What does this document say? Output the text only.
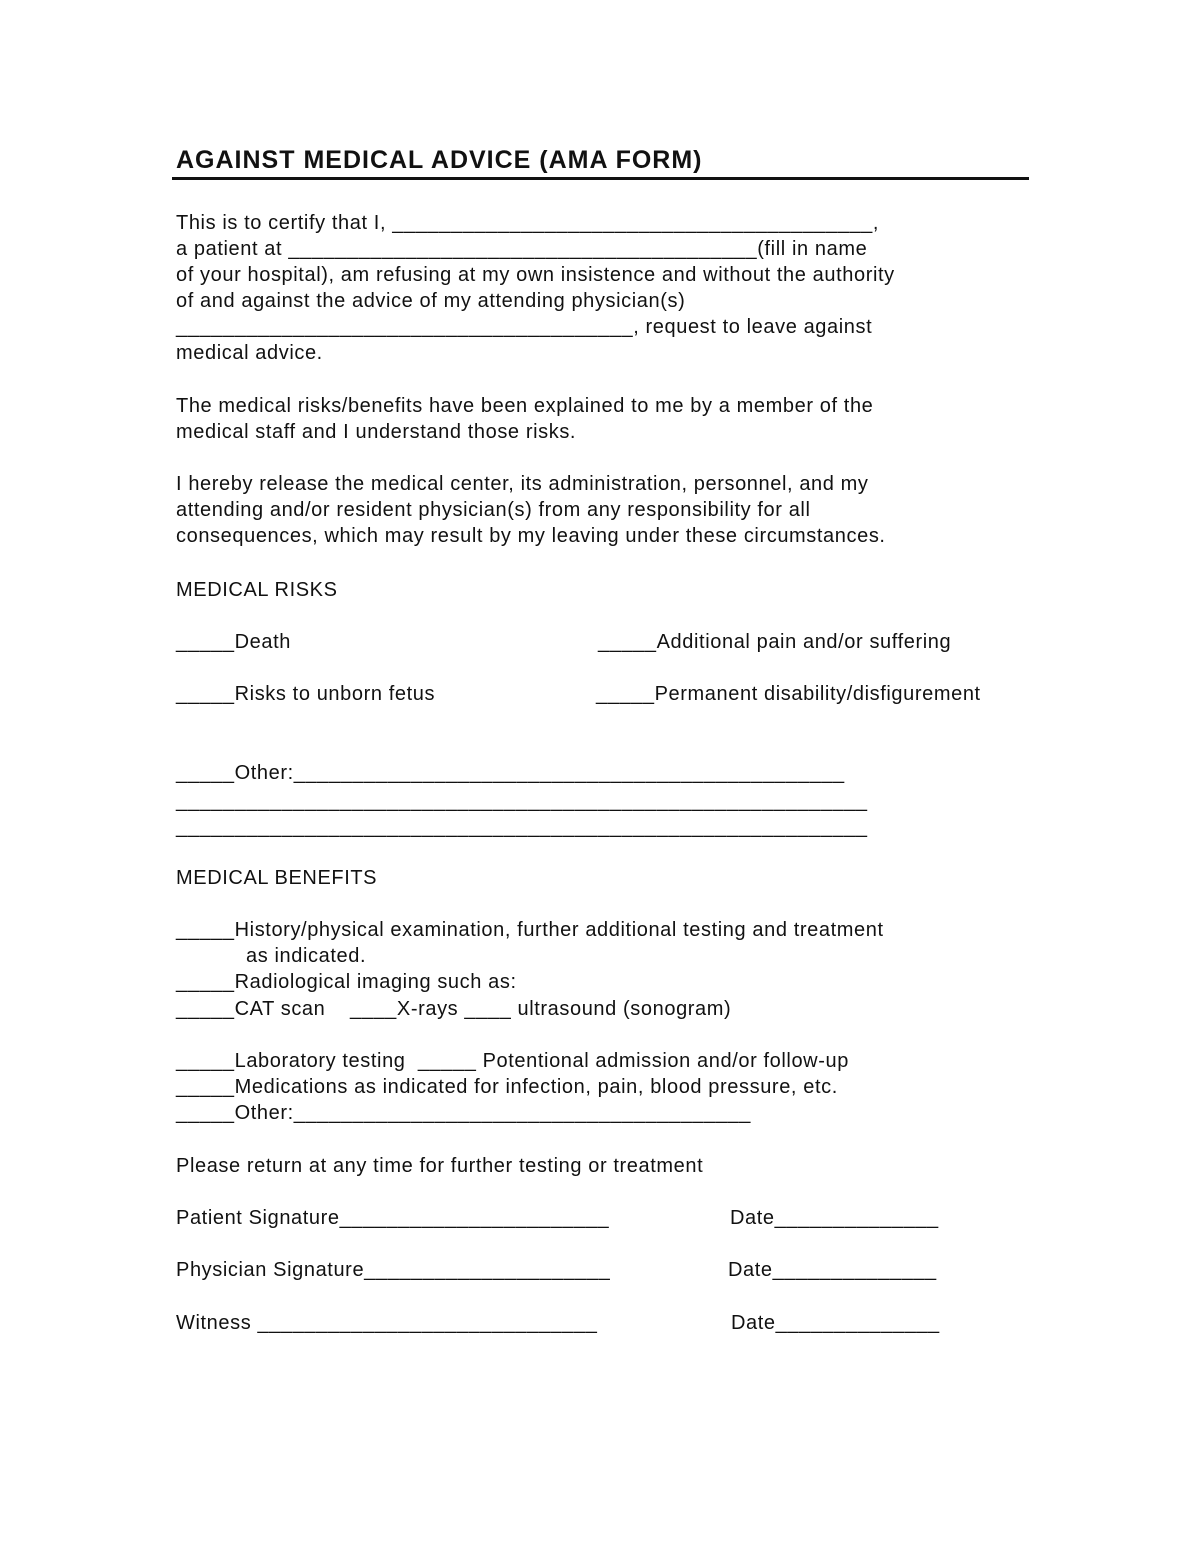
AGAINST MEDICAL ADVICE (AMA FORM)

This is to certify that I, _________________________________________,

a patient at ________________________________________(fill in name

of your hospital), am refusing at my own insistence and without the authority

of and against the advice of my attending physician(s)

_______________________________________, request to leave against

medical advice.

The medical risks/benefits have been explained to me by a member of the

medical staff and I understand those risks.

I hereby release the medical center, its administration, personnel, and my

attending and/or resident physician(s) from any responsibility for all

consequences, which may result by my leaving under these circumstances.

MEDICAL RISKS

_____Death	_____Additional pain and/or suffering

_____Risks to unborn fetus	_____Permanent disability/disfigurement

_____Other:_______________________________________________

___________________________________________________________

___________________________________________________________

MEDICAL BENEFITS

_____History/physical examination, further additional testing and treatment

as indicated.

_____Radiological imaging such as:

_____CAT scan    ____X-rays ____ ultrasound (sonogram)

_____Laboratory testing  _____ Potentional admission and/or follow-up

_____Medications as indicated for infection, pain, blood pressure, etc.

_____Other:_______________________________________

Please return at any time for further testing or treatment

Patient Signature_______________________	Date______________

Physician Signature_____________________	Date______________

Witness _____________________________	Date______________
